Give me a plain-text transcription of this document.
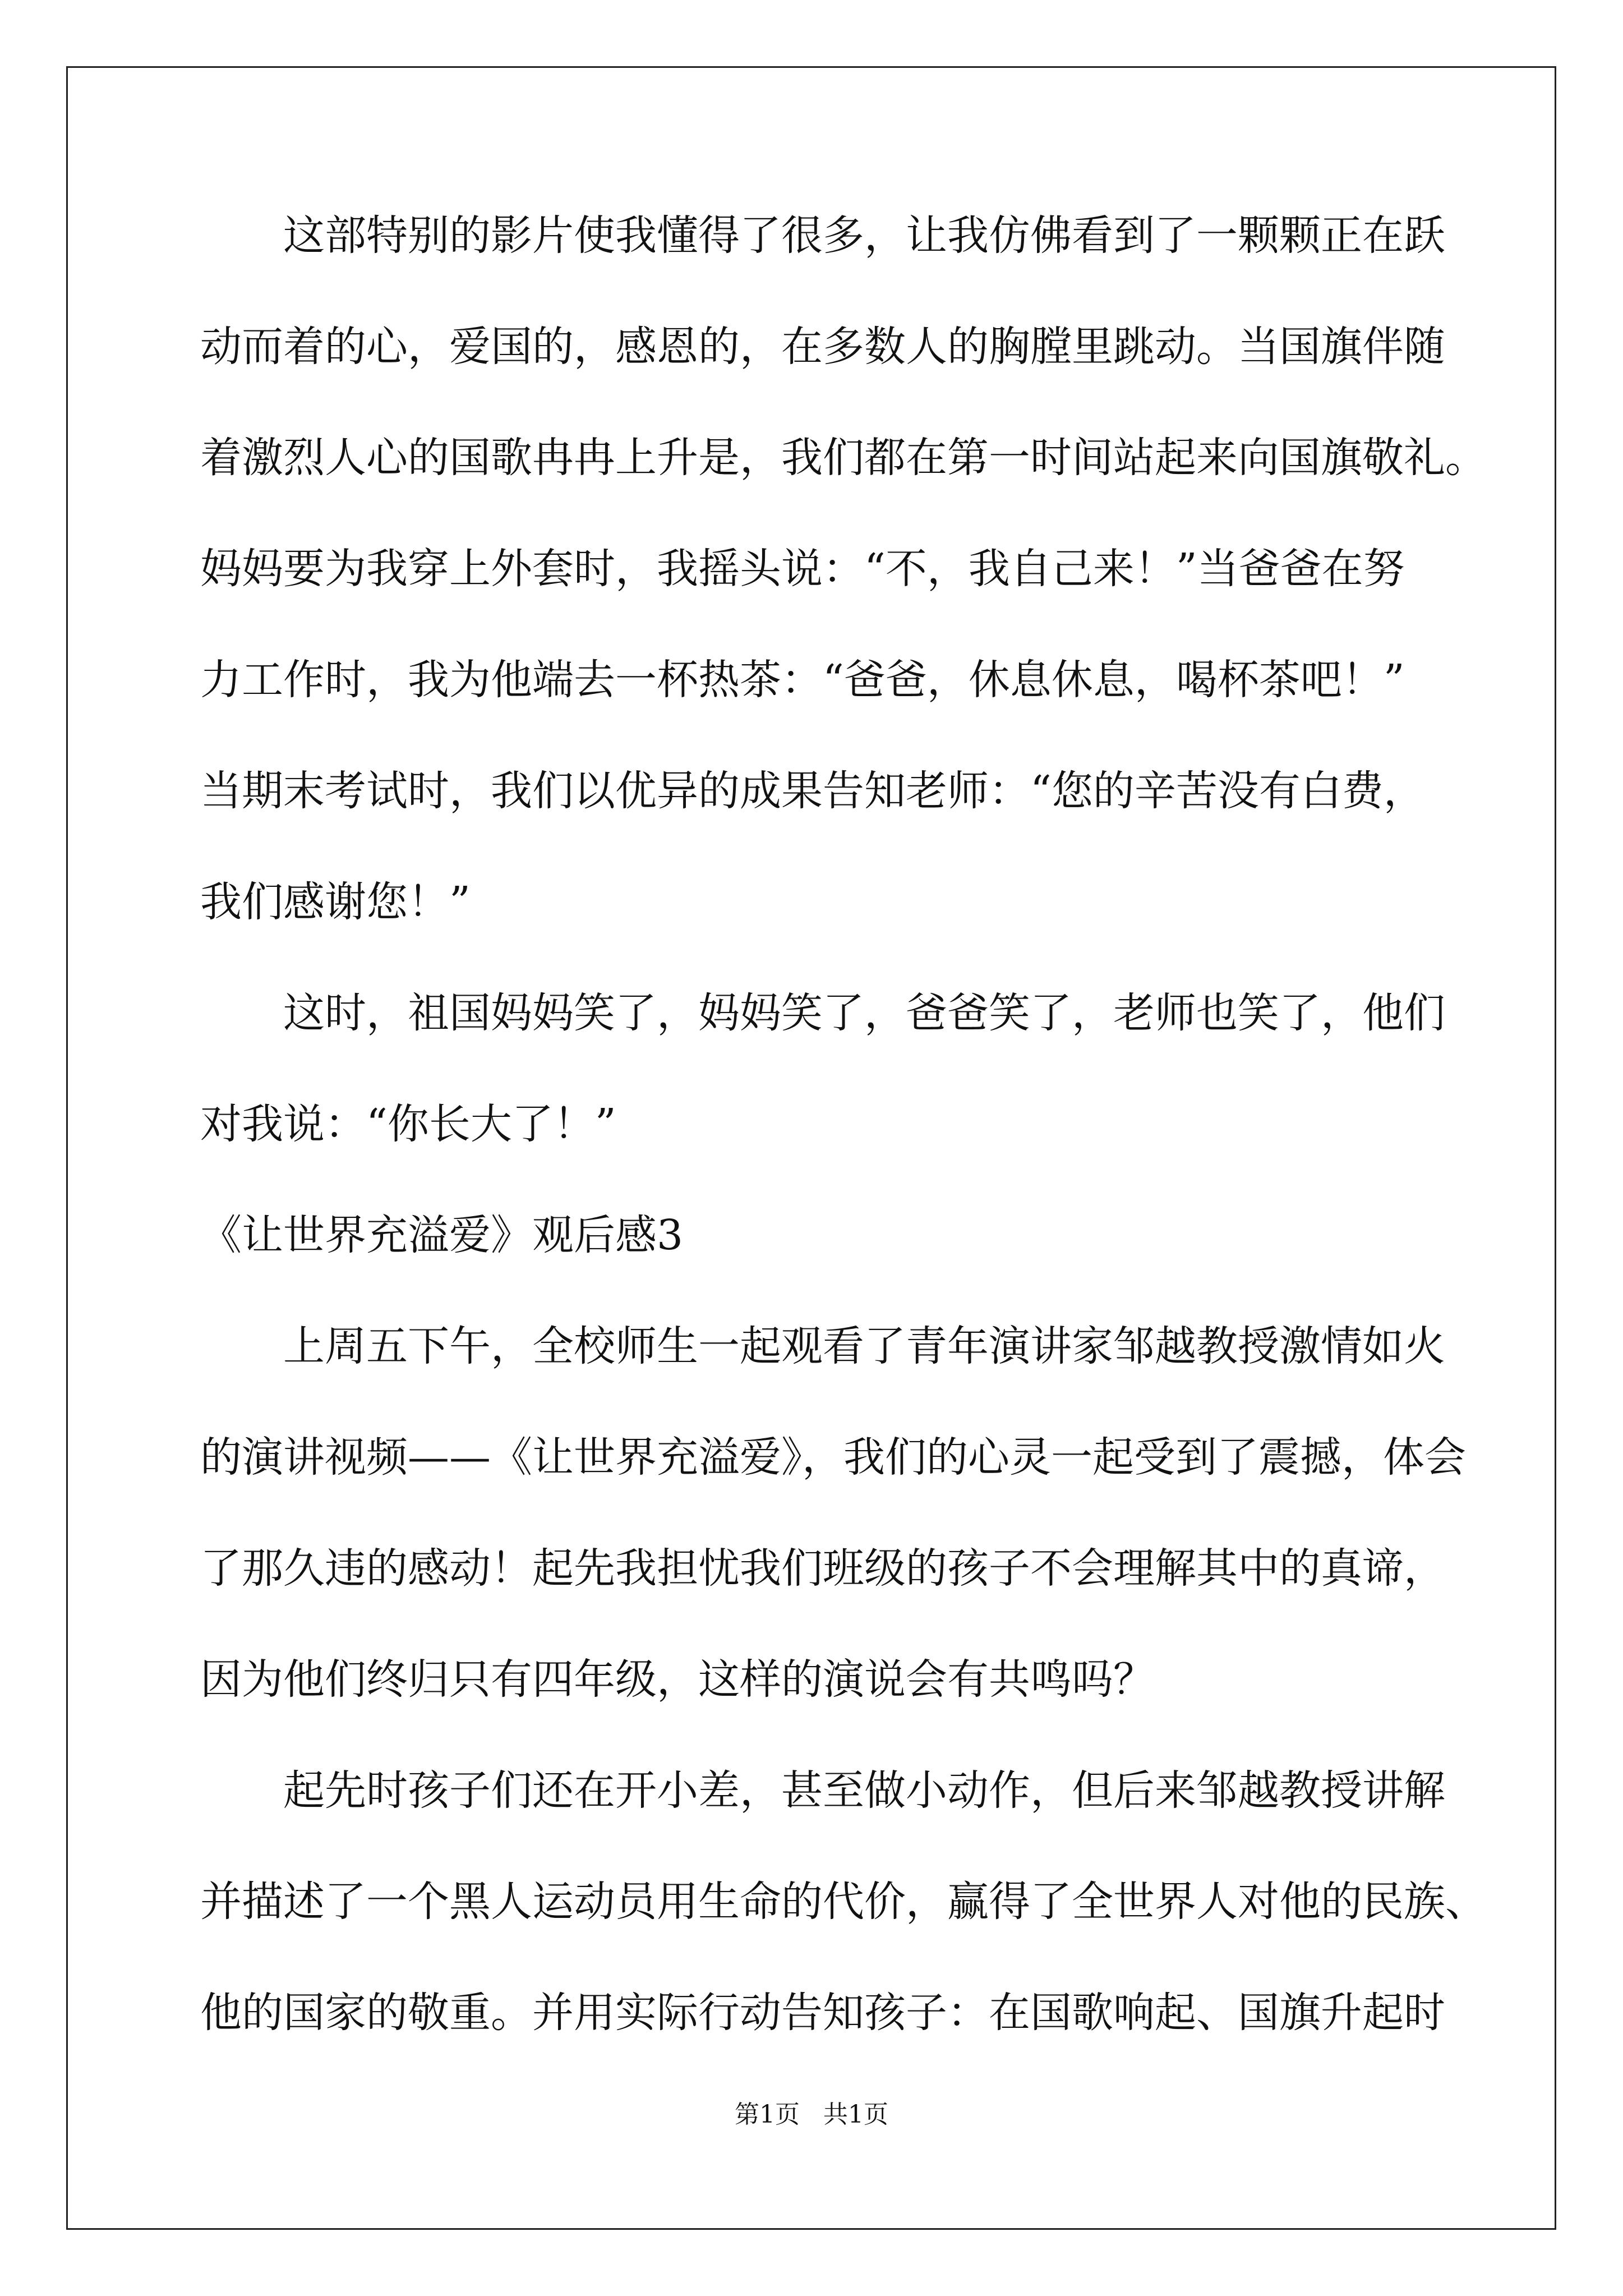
这部特别的影片使我懂得了很多，让我仿佛看到了一颗颗正在跃
动而着的心，爱国的，感恩的，在多数人的胸膛里跳动。当国旗伴随
着激烈人心的国歌冉冉上升是，我们都在第一时间站起来向国旗敬礼。
妈妈要为我穿上外套时，我摇头说：“不，我自己来！”当爸爸在努
力工作时，我为他端去一杯热茶：“爸爸，休息休息，喝杯茶吧！”
当期末考试时，我们以优异的成果告知老师：“您的辛苦没有白费，
我们感谢您！”
这时，祖国妈妈笑了，妈妈笑了，爸爸笑了，老师也笑了，他们
对我说：“你长大了！”
《让世界充溢爱》观后感3
上周五下午，全校师生一起观看了青年演讲家邹越教授激情如火
的演讲视频——《让世界充溢爱》，我们的心灵一起受到了震撼，体会
了那久违的感动！起先我担忧我们班级的孩子不会理解其中的真谛，
因为他们终归只有四年级，这样的演说会有共鸣吗？
起先时孩子们还在开小差，甚至做小动作，但后来邹越教授讲解
并描述了一个黑人运动员用生命的代价，赢得了全世界人对他的民族、
他的国家的敬重。并用实际行动告知孩子：在国歌响起、国旗升起时
第1页   共1页
